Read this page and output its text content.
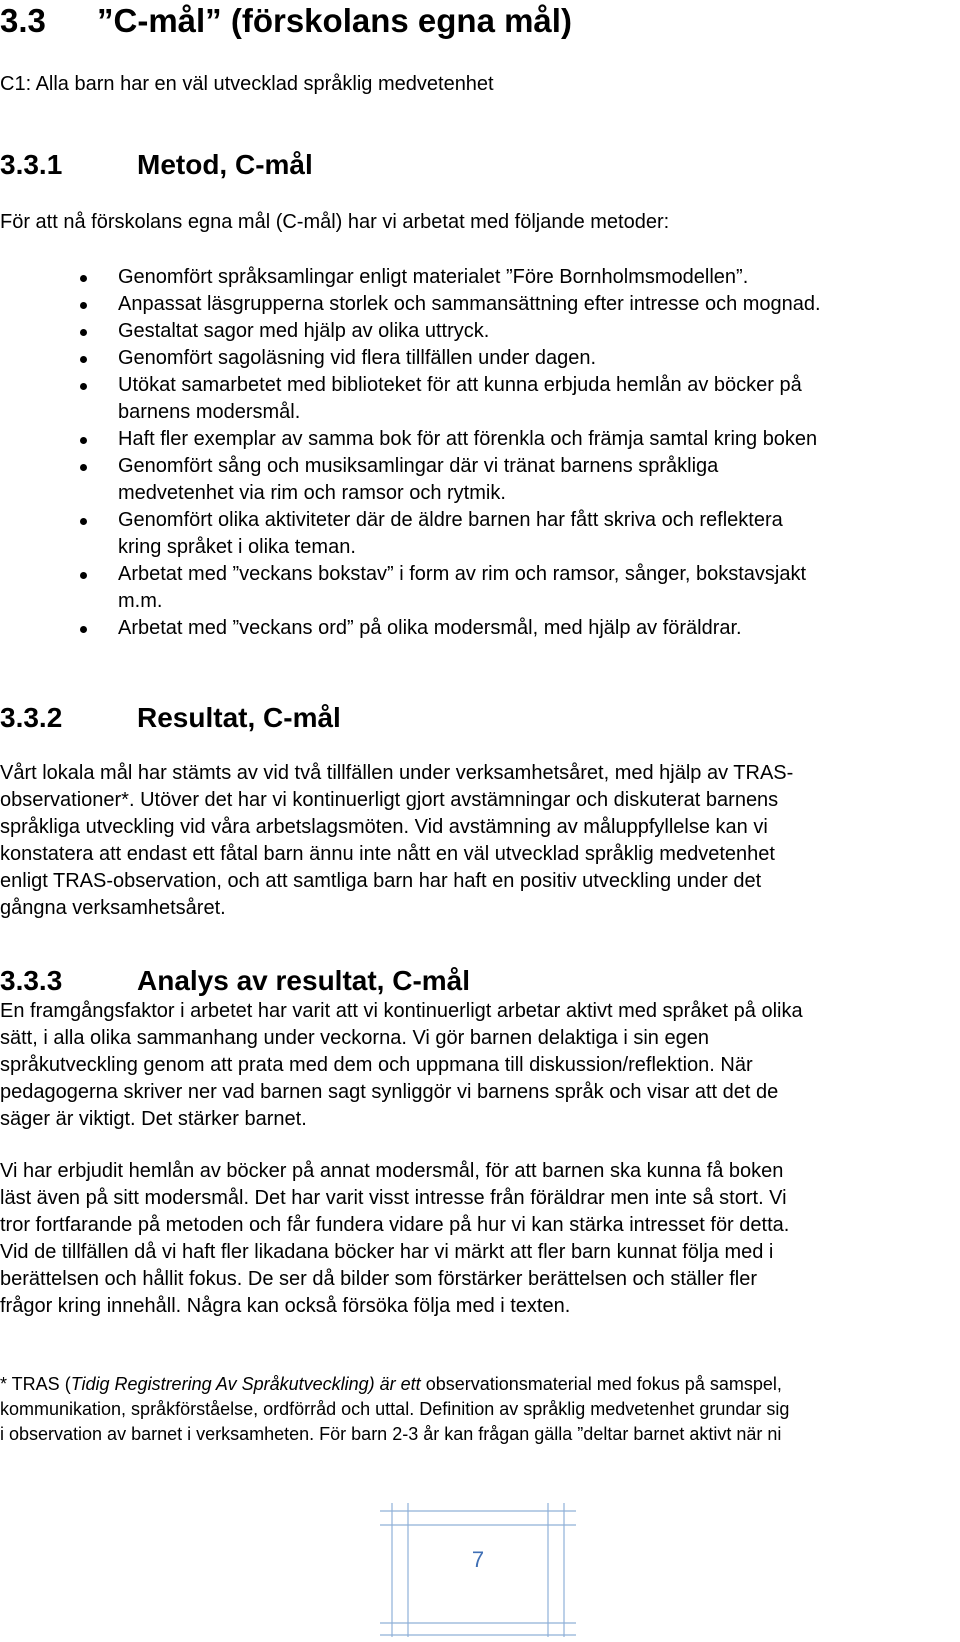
3.3 ”C-mål” (förskolans egna mål)
C1: Alla barn har en väl utvecklad språklig medvetenhet
3.3.1	Metod, C-mål
För att nå förskolans egna mål (C-mål) har vi arbetat med följande metoder:
Genomfört språksamlingar enligt materialet ”Före Bornholmsmodellen”.
Anpassat läsgrupperna storlek och sammansättning efter intresse och mognad.
Gestaltat sagor med hjälp av olika uttryck.
Genomfört sagoläsning vid flera tillfällen under dagen.
Utökat samarbetet med biblioteket för att kunna erbjuda hemlån av böcker på
barnens modersmål.
Haft fler exemplar av samma bok för att förenkla och främja samtal kring boken
Genomfört sång och musiksamlingar där vi tränat barnens språkliga
medvetenhet via rim och ramsor och rytmik.
Genomfört olika aktiviteter där de äldre barnen har fått skriva och reflektera
kring språket i olika teman.
Arbetat med ”veckans bokstav” i form av rim och ramsor, sånger, bokstavsjakt
m.m.
Arbetat med ”veckans ord” på olika modersmål, med hjälp av föräldrar.
3.3.2	Resultat, C-mål
Vårt lokala mål har stämts av vid två tillfällen under verksamhetsåret, med hjälp av TRAS-
observationer*. Utöver det har vi kontinuerligt gjort avstämningar och diskuterat barnens
språkliga utveckling vid våra arbetslagsmöten. Vid avstämning av måluppfyllelse kan vi
konstatera att endast ett fåtal barn ännu inte nått en väl utvecklad språklig medvetenhet
enligt TRAS-observation, och att samtliga barn har haft en positiv utveckling under det
gångna verksamhetsåret.
3.3.3	Analys av resultat, C-mål
En framgångsfaktor i arbetet har varit att vi kontinuerligt arbetar aktivt med språket på olika
sätt, i alla olika sammanhang under veckorna. Vi gör barnen delaktiga i sin egen
språkutveckling genom att prata med dem och uppmana till diskussion/reflektion. När
pedagogerna skriver ner vad barnen sagt synliggör vi barnens språk och visar att det de
säger är viktigt. Det stärker barnet.
Vi har erbjudit hemlån av böcker på annat modersmål, för att barnen ska kunna få boken
läst även på sitt modersmål. Det har varit visst intresse från föräldrar men inte så stort. Vi
tror fortfarande på metoden och får fundera vidare på hur vi kan stärka intresset för detta.
Vid de tillfällen då vi haft fler likadana böcker har vi märkt att fler barn kunnat följa med i
berättelsen och hållit fokus. De ser då bilder som förstärker berättelsen och ställer fler
frågor kring innehåll. Några kan också försöka följa med i texten.
* TRAS (Tidig Registrering Av Språkutveckling) är ett observationsmaterial med fokus på samspel,
kommunikation, språkförståelse, ordförråd och uttal. Definition av språklig medvetenhet grundar sig
i observation av barnet i verksamheten. För barn 2-3 år kan frågan gälla ”deltar barnet aktivt när ni
7
